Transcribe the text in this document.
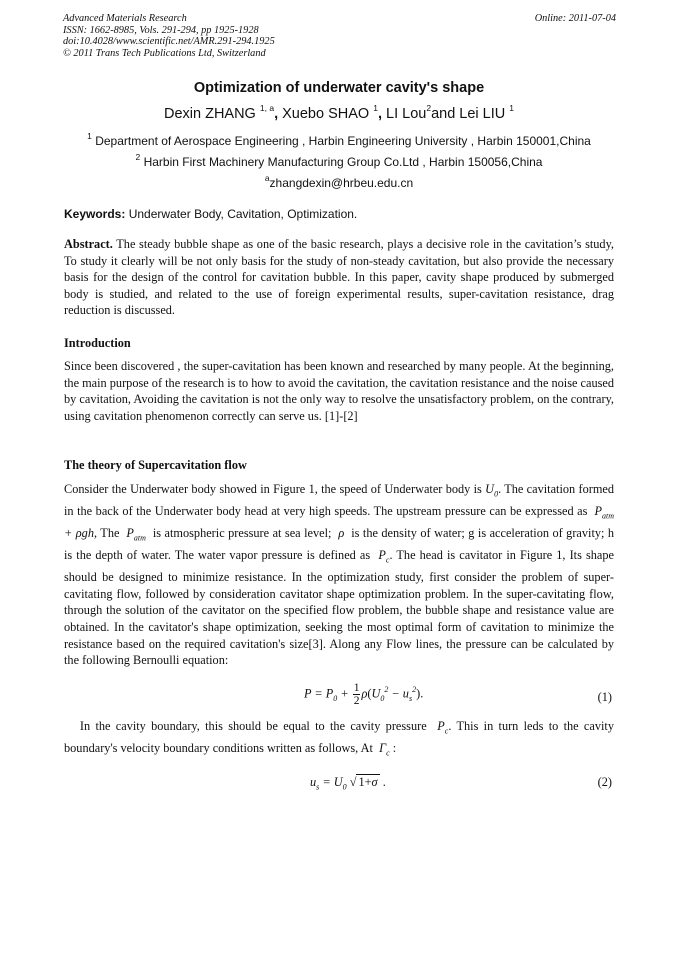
Advanced Materials Research
ISSN: 1662-8985, Vols. 291-294, pp 1925-1928
doi:10.4028/www.scientific.net/AMR.291-294.1925
© 2011 Trans Tech Publications Ltd, Switzerland
Online: 2011-07-04
Optimization of underwater cavity's shape
Dexin ZHANG $^{1, a}$, Xuebo SHAO $^1$, LI Lou$^2$and Lei LIU $^1$
$^1$ Department of Aerospace Engineering , Harbin Engineering University , Harbin 150001,China
$^2$ Harbin First Machinery Manufacturing Group Co.Ltd , Harbin 150056,China
$^a$zhangdexin@hrbeu.edu.cn
Keywords: Underwater Body, Cavitation, Optimization.
Abstract. The steady bubble shape as one of the basic research, plays a decisive role in the cavitation’s study, To study it clearly will be not only basis for the study of non-steady cavitation, but also provide the necessary basis for the design of the control for cavitation bubble. In this paper, cavity shape produced by submerged body is studied, and related to the use of foreign experimental results, super-cavitation resistance, drag reduction is discussed.
Introduction
Since been discovered , the super-cavitation has been known and researched by many people. At the beginning, the main purpose of the research is to how to avoid the cavitation, the cavitation resistance and the noise caused by cavitation, Avoiding the cavitation is not the only way to resolve the unsatisfactory problem, on the contrary, using cavitation phenomenon correctly can serve us. [1]-[2]
The theory of Supercavitation flow
Consider the Underwater body showed in Figure 1, the speed of Underwater body is $U_0$. The cavitation formed in the back of the Underwater body head at very high speeds. The upstream pressure can be expressed as  $P_{atm} + \rho gh$, The  $P_{atm}$ is atmospheric pressure at sea level;  ρ  is the density of water; g is acceleration of gravity; h is the depth of water. The water vapor pressure is defined as  $P_c$. The head is cavitator in Figure 1, Its shape should be designed to minimize resistance. In the optimization study, first consider the problem of super-cavitating flow, followed by consideration cavitator shape optimization problem. In the super-cavitating flow, through the solution of the cavitator on the specified flow problem, the bubble shape and resistance value are obtained. In the cavitator's shape optimization, seeking the most optimal form of cavitation to minimize the resistance based on the required cavitation's size[3]. Along any Flow lines, the pressure can be calculated by the following Bernoulli equation:
$P = P_0 + \frac{1}{2} \rho(U_0^2 - u_s^2)$.	(1)
In the cavity boundary, this should be equal to the cavity pressure  $P_c$. This in turn leds to the cavity boundary's velocity boundary conditions written as follows, At  $\Gamma_c$ :
$u_s = U_0$ √ 1+σ .	(2)
